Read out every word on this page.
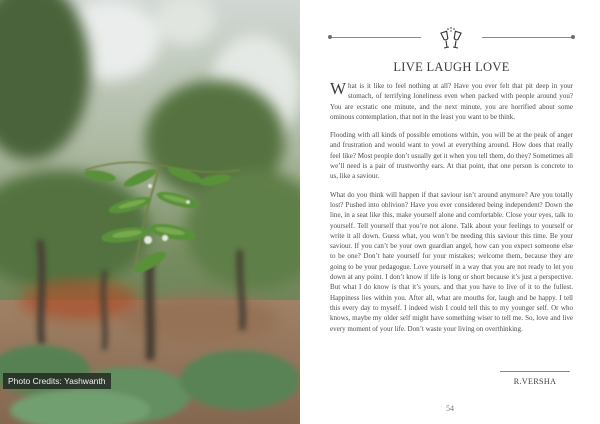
Photo Credits: Yashwanth
LIVE LAUGH LOVE

What is it like to feel nothing at all? Have you ever felt that pit deep in your stomach, of terrifying loneliness even when packed with people around you? You are ecstatic one minute, and the next minute, you are horrified about some ominous contemplation, that not in the least you want to be think.

Flooding with all kinds of possible emotions within, you will be at the peak of anger and frustration and would want to yowl at everything around. How does that really feel like? Most people don’t usually get it when you tell them, do they? Sometimes all we’ll need is a pair of trustworthy ears. At that point, that one person is concrete to us, like a saviour.

What do you think will happen if that saviour isn’t around anymore? Are you totally lost? Pushed into oblivion? Have you ever considered being independent? Down the line, in a seat like this, make yourself alone and comfortable. Close your eyes, talk to yourself. Tell yourself that you’re not alone. Talk about your feelings to yourself or write it all down. Guess what, you won’t be needing this saviour this time. Be your saviour. If you can’t be your own guardian angel, how can you expect someone else to be one? Don’t hate yourself for your mistakes; welcome them, because they are going to be your pedagogue. Love yourself in a way that you are not ready to let you down at any point. I don’t know if life is long or short because it’s just a perspective. But what I do know is that it’s yours, and that you have to live of it to the fullest. Happiness lies within you. After all, what are mouths for, laugh and be happy. I tell this every day to myself. I indeed wish I could tell this to my younger self. Or who knows, maybe my older self might have something wiser to tell me. So, love and live every moment of your life. Don’t waste your living on overthinking.

R.VERSHA
54
